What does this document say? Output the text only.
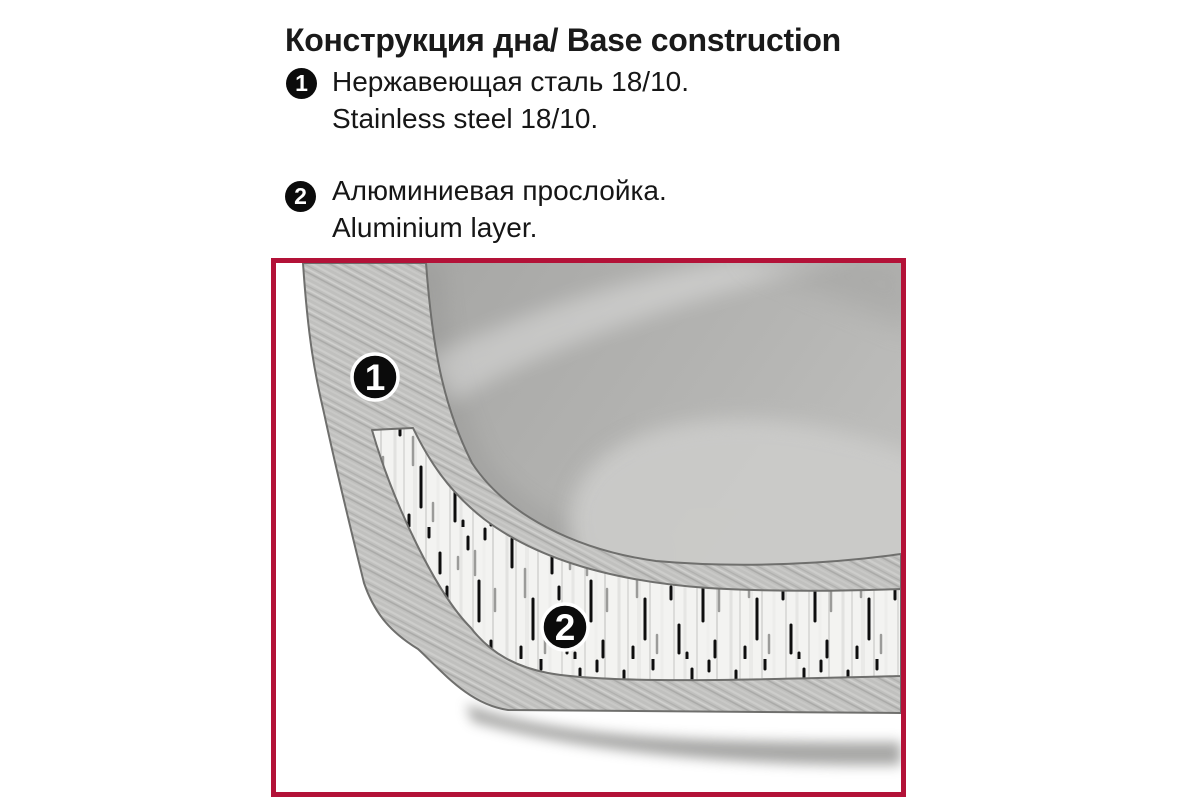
Конструкция дна/ Base construction
1 Нержавеющая сталь 18/10.
Stainless steel 18/10.
2 Алюминиевая прослойка.
Aluminium layer.
1
2
